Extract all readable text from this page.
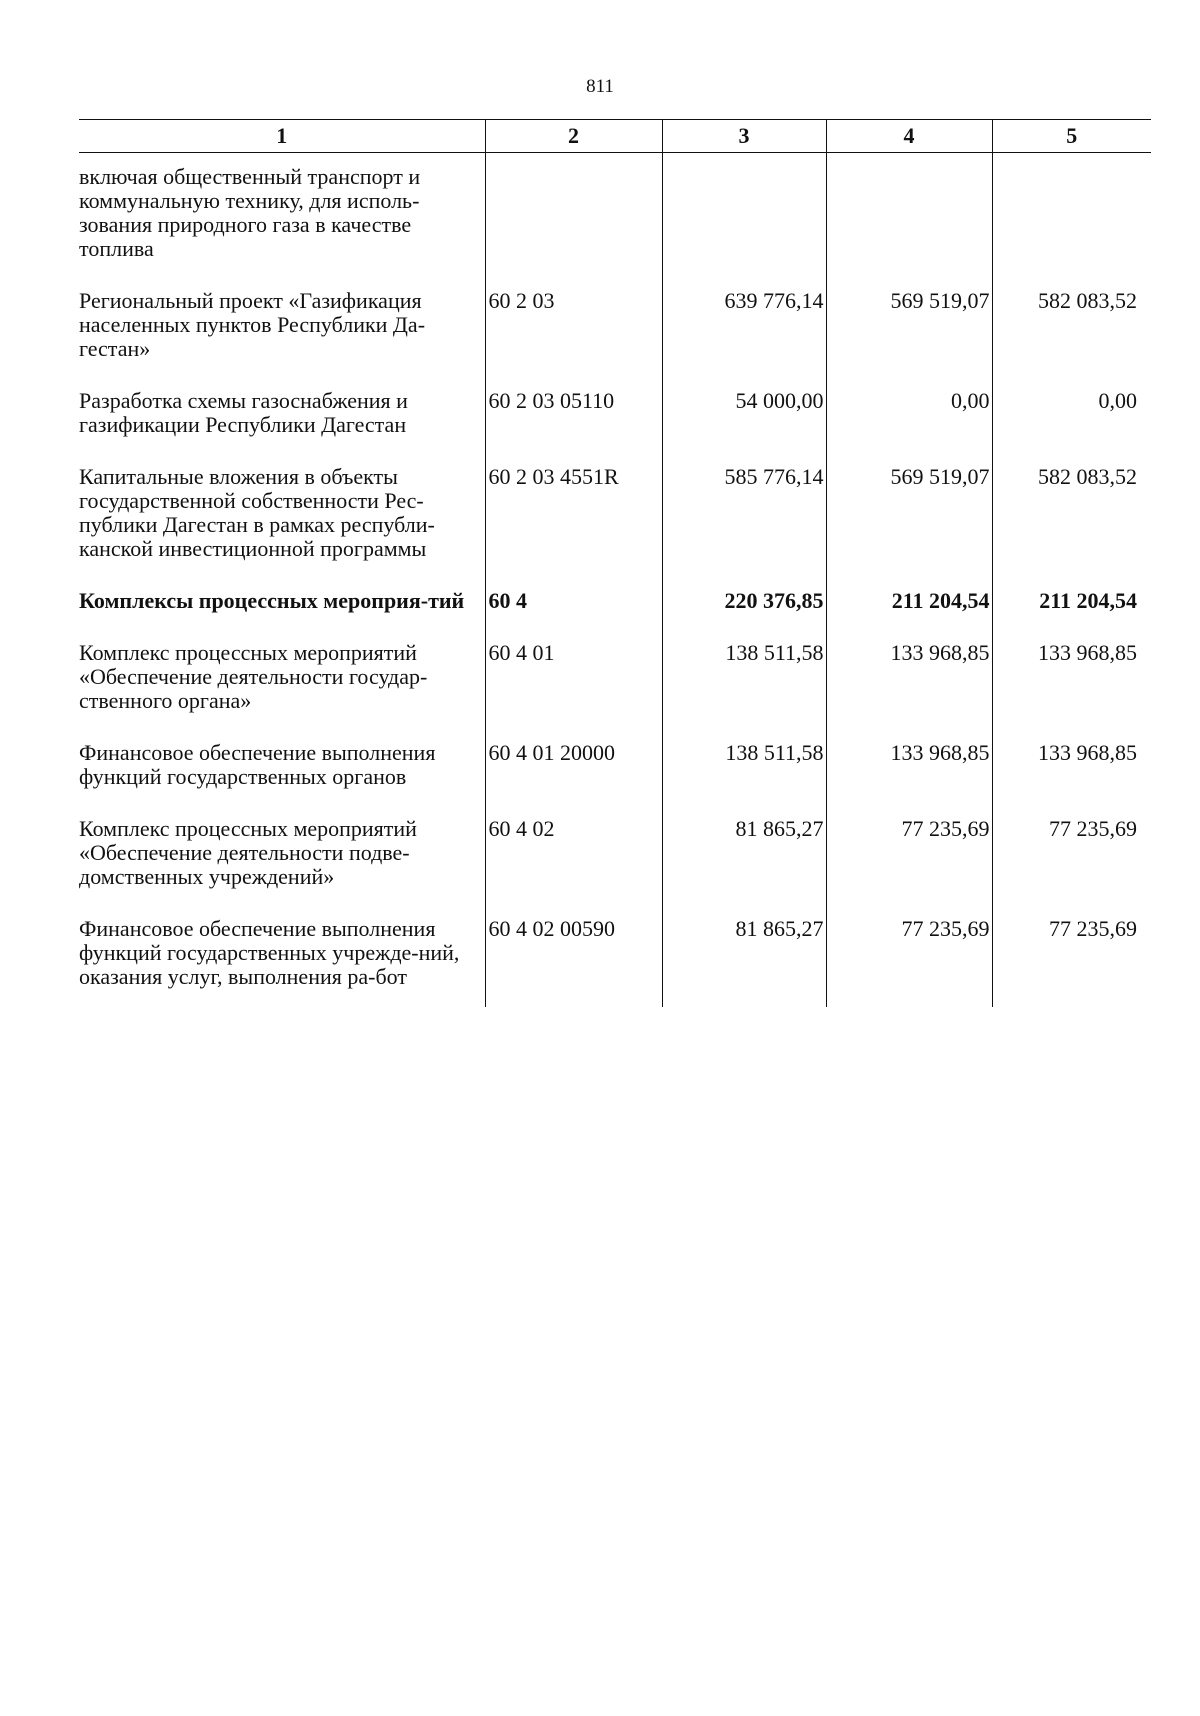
811
1	2	3	4	5
включая общественный транспорт и коммунальную технику, для исполь-зования природного газа в качестве топлива				
Региональный проект «Газификация населенных пунктов Республики Да-гестан»	60 2 03	639 776,14	569 519,07	582 083,52
Разработка схемы газоснабжения и газификации Республики Дагестан	60 2 03 05110	54 000,00	0,00	0,00
Капитальные вложения в объекты государственной собственности Рес-публики Дагестан в рамках республи-канской инвестиционной программы	60 2 03 4551R	585 776,14	569 519,07	582 083,52
Комплексы процессных мероприя-тий	60 4	220 376,85	211 204,54	211 204,54
Комплекс процессных мероприятий «Обеспечение деятельности государ-ственного органа»	60 4 01	138 511,58	133 968,85	133 968,85
Финансовое обеспечение выполнения функций государственных органов	60 4 01 20000	138 511,58	133 968,85	133 968,85
Комплекс процессных мероприятий «Обеспечение деятельности подве-домственных учреждений»	60 4 02	81 865,27	77 235,69	77 235,69
Финансовое обеспечение выполнения функций государственных учрежде-ний, оказания услуг, выполнения ра-бот	60 4 02 00590	81 865,27	77 235,69	77 235,69
